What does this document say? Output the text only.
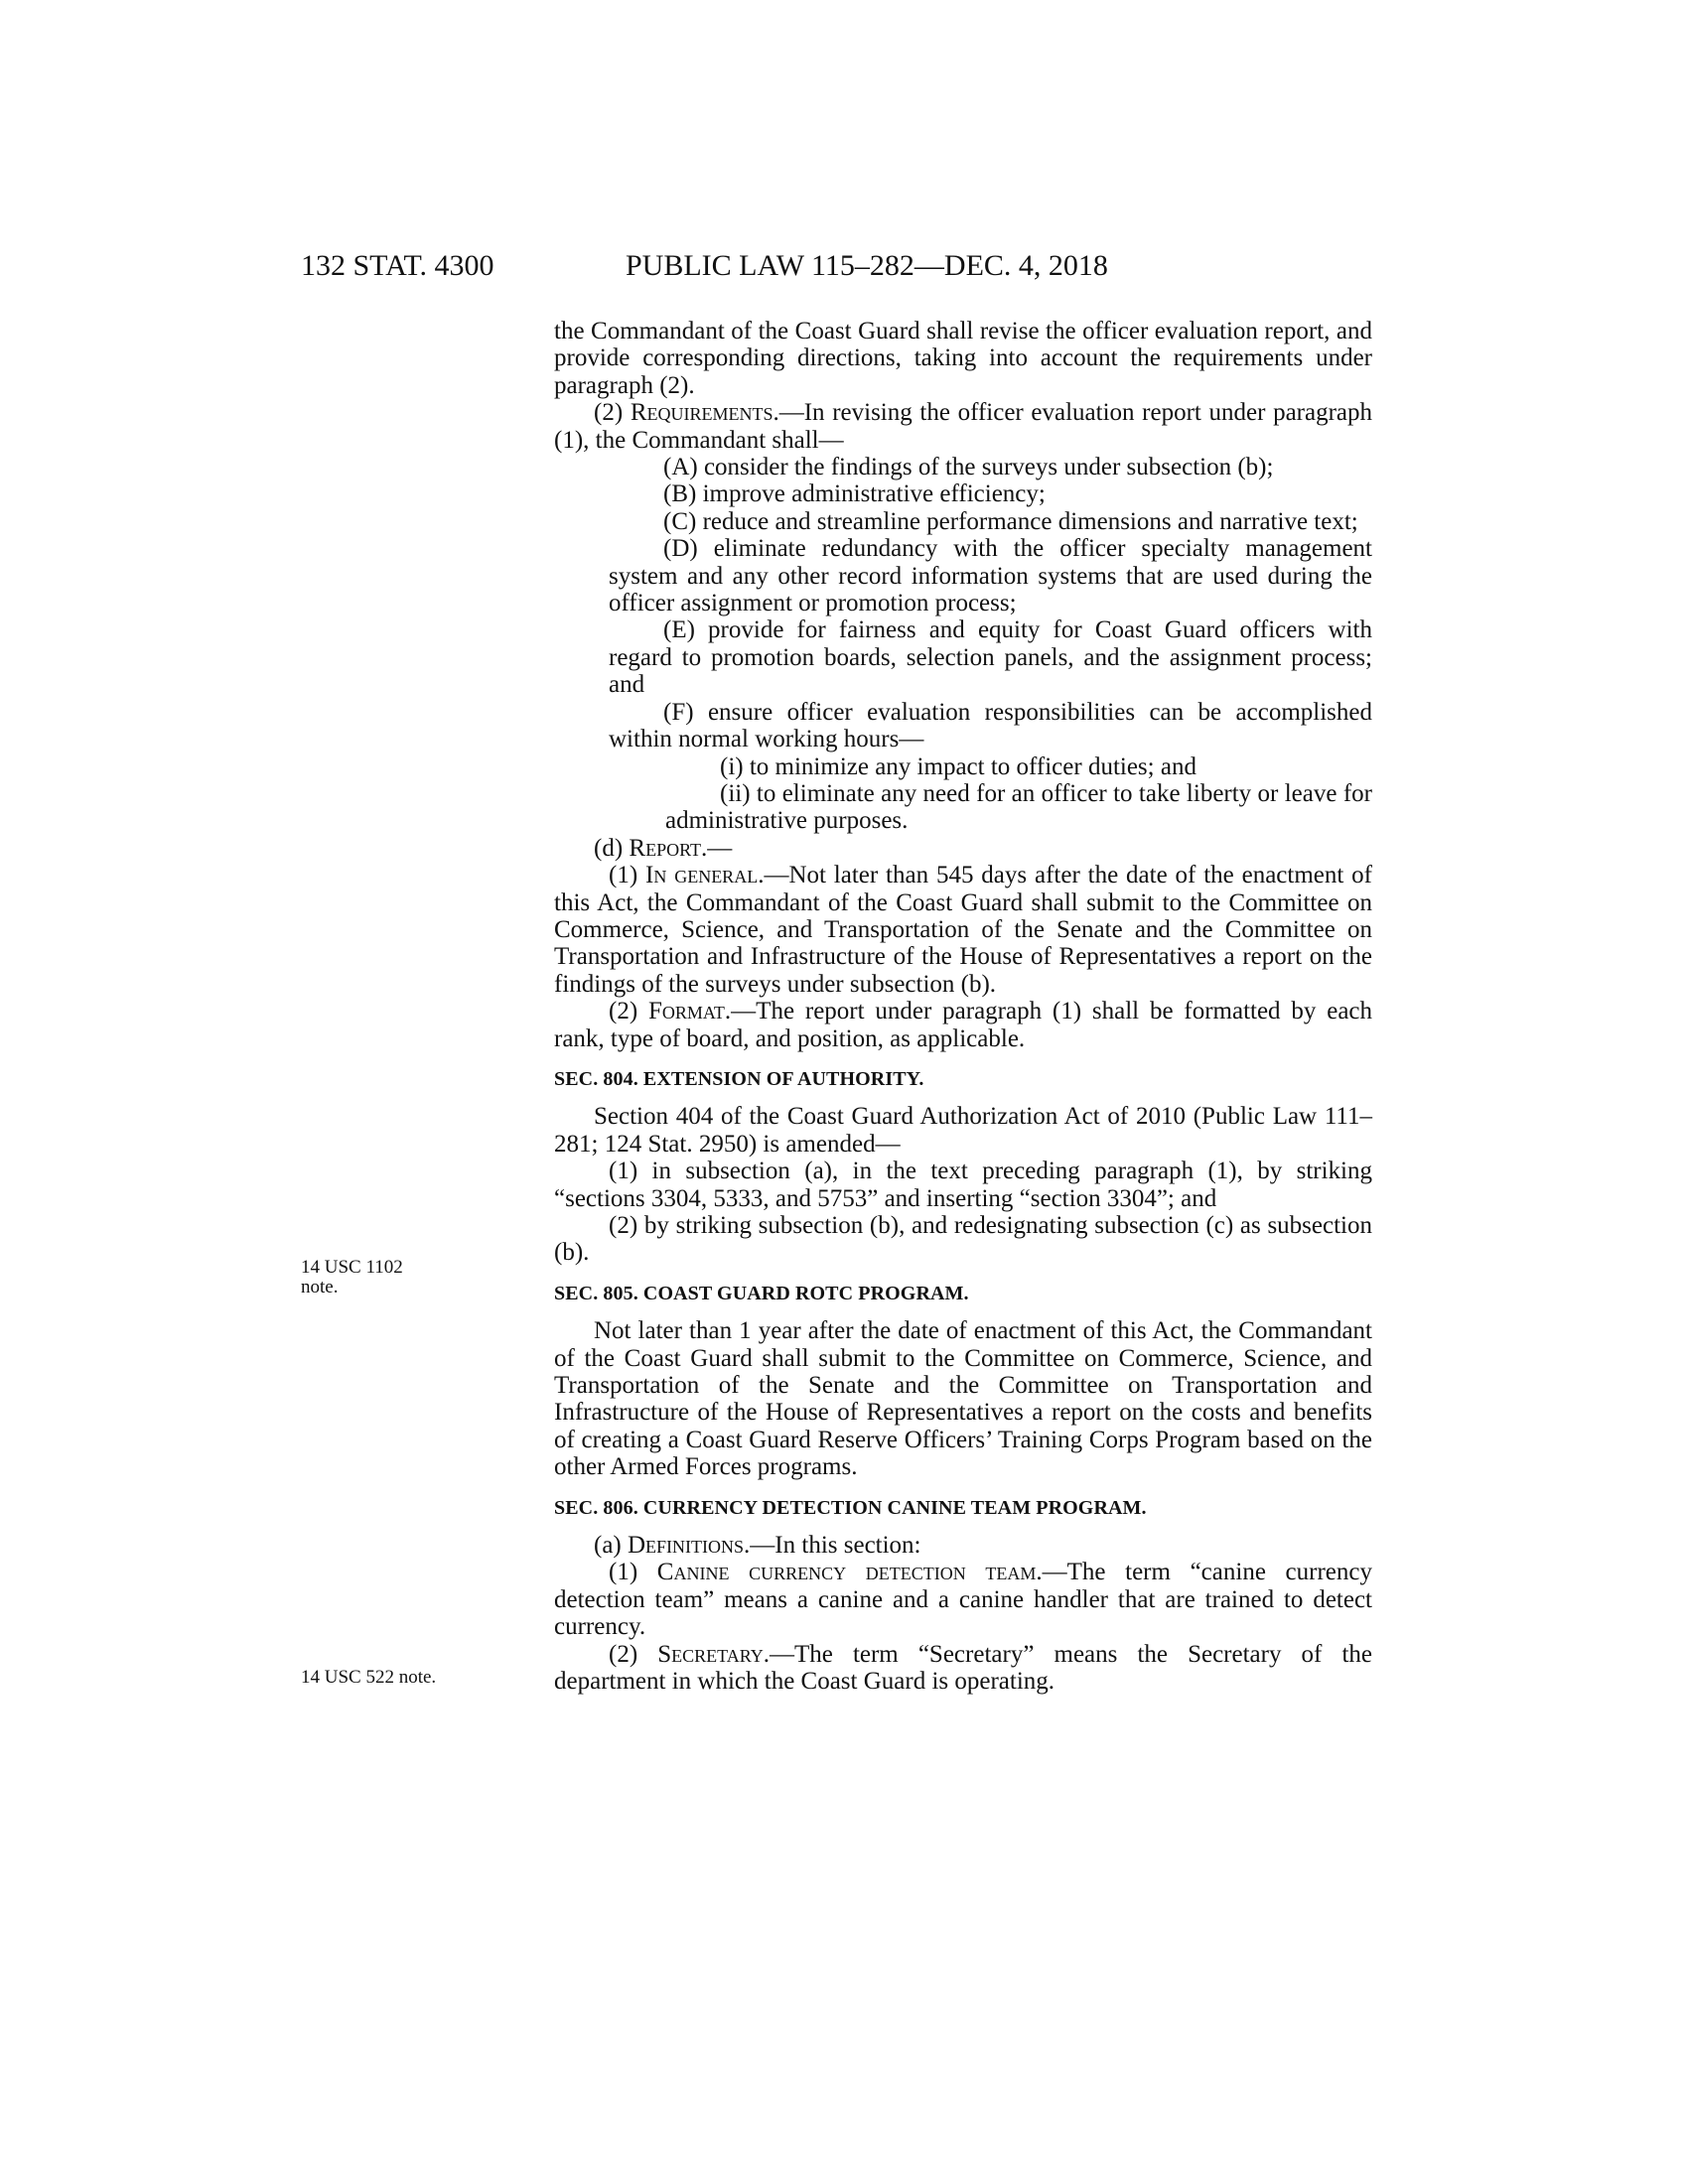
132 STAT. 4300	PUBLIC LAW 115–282—DEC. 4, 2018
14 USC 1102
note.
14 USC 522 note.

the Commandant of the Coast Guard shall revise the officer evaluation report, and provide corresponding directions, taking into account the requirements under paragraph (2).

(2) Requirements.—In revising the officer evaluation report under paragraph (1), the Commandant shall—

(A) consider the findings of the surveys under subsection (b);

(B) improve administrative efficiency;

(C) reduce and streamline performance dimensions and narrative text;

(D) eliminate redundancy with the officer specialty management system and any other record information systems that are used during the officer assignment or promotion process;

(E) provide for fairness and equity for Coast Guard officers with regard to promotion boards, selection panels, and the assignment process; and

(F) ensure officer evaluation responsibilities can be accomplished within normal working hours—

(i) to minimize any impact to officer duties; and

(ii) to eliminate any need for an officer to take liberty or leave for administrative purposes.

(d) Report.—

(1) In general.—Not later than 545 days after the date of the enactment of this Act, the Commandant of the Coast Guard shall submit to the Committee on Commerce, Science, and Transportation of the Senate and the Committee on Transportation and Infrastructure of the House of Representatives a report on the findings of the surveys under subsection (b).

(2) Format.—The report under paragraph (1) shall be formatted by each rank, type of board, and position, as applicable.

SEC. 804. EXTENSION OF AUTHORITY.

Section 404 of the Coast Guard Authorization Act of 2010 (Public Law 111–281; 124 Stat. 2950) is amended—

(1) in subsection (a), in the text preceding paragraph (1), by striking “sections 3304, 5333, and 5753” and inserting “section 3304”; and

(2) by striking subsection (b), and redesignating subsection (c) as subsection (b).

SEC. 805. COAST GUARD ROTC PROGRAM.

Not later than 1 year after the date of enactment of this Act, the Commandant of the Coast Guard shall submit to the Committee on Commerce, Science, and Transportation of the Senate and the Committee on Transportation and Infrastructure of the House of Representatives a report on the costs and benefits of creating a Coast Guard Reserve Officers’ Training Corps Program based on the other Armed Forces programs.

SEC. 806. CURRENCY DETECTION CANINE TEAM PROGRAM.

(a) Definitions.—In this section:

(1) Canine currency detection team.—The term “canine currency detection team” means a canine and a canine handler that are trained to detect currency.

(2) Secretary.—The term “Secretary” means the Secretary of the department in which the Coast Guard is operating.
